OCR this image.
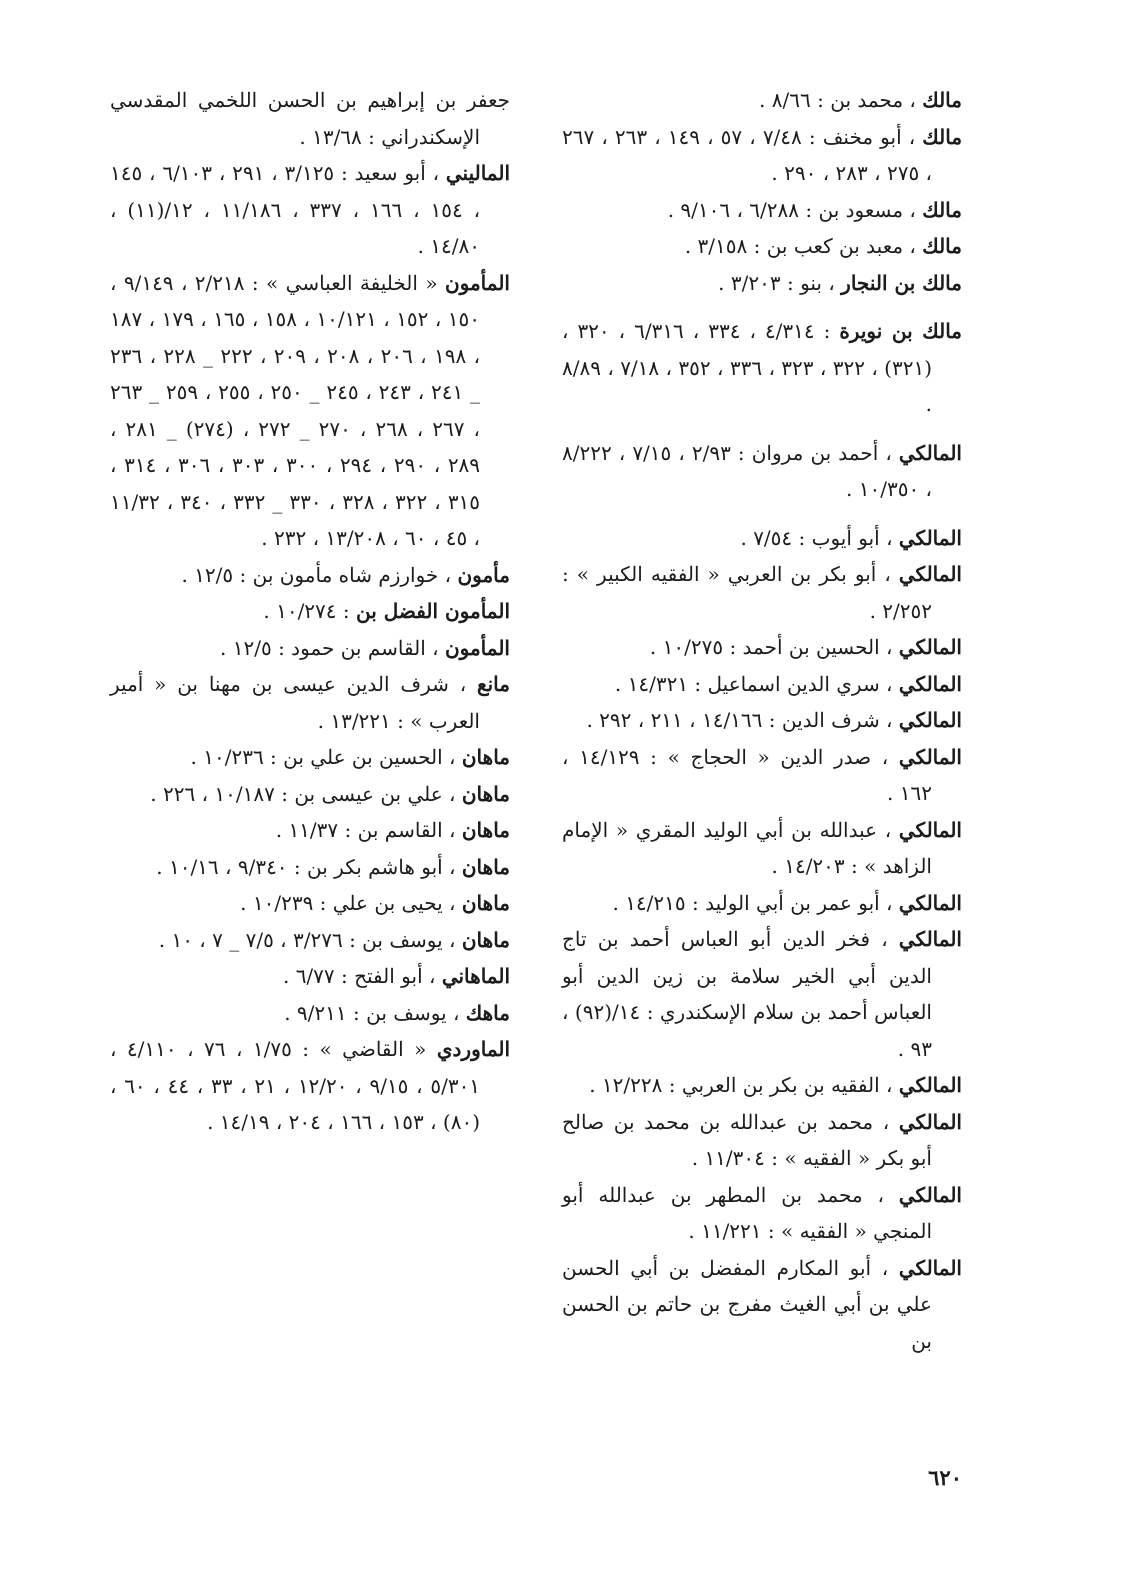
مالك ، محمد بن : ٨/٦٦ .

مالك ، أبو مخنف : ٧/٤٨ ، ٥٧ ، ١٤٩ ، ٢٦٣ ، ٢٦٧ ، ٢٧٥ ، ٢٨٣ ، ٢٩٠ .

مالك ، مسعود بن : ٦/٢٨٨ ، ٩/١٠٦ .

مالك ، معبد بن كعب بن : ٣/١٥٨ .

مالك بن النجار ، بنو : ٣/٢٠٣ .

مالك بن نويرة : ٤/٣١٤ ، ٣٣٤ ، ٦/٣١٦ ، ٣٢٠ ، (٣٢١) ، ٣٢٢ ، ٣٢٣ ، ٣٣٦ ، ٣٥٢ ، ٧/١٨ ، ٨/٨٩ .

المالكي ، أحمد بن مروان : ٢/٩٣ ، ٧/١٥ ، ٨/٢٢٢ ، ١٠/٣٥٠ .

المالكي ، أبو أيوب : ٧/٥٤ .

المالكي ، أبو بكر بن العربي « الفقيه الكبير » : ٢/٢٥٢ .

المالكي ، الحسين بن أحمد : ١٠/٢٧٥ .

المالكي ، سري الدين اسماعيل : ١٤/٣٢١ .

المالكي ، شرف الدين : ١٤/١٦٦ ، ٢١١ ، ٢٩٢ .

المالكي ، صدر الدين « الحجاج » : ١٤/١٢٩ ، ١٦٢ .

المالكي ، عبدالله بن أبي الوليد المقري « الإمام الزاهد » : ١٤/٢٠٣ .

المالكي ، أبو عمر بن أبي الوليد : ١٤/٢١٥ .

المالكي ، فخر الدين أبو العباس أحمد بن تاج الدين أبي الخير سلامة بن زين الدين أبو العباس أحمد بن سلام الإسكندري : ١٤/(٩٢) ، ٩٣ .

المالكي ، الفقيه بن بكر بن العربي : ١٢/٢٢٨ .

المالكي ، محمد بن عبدالله بن محمد بن صالح أبو بكر « الفقيه » : ١١/٣٠٤ .

المالكي ، محمد بن المطهر بن عبدالله أبو المنجي « الفقيه » : ١١/٢٢١ .

المالكي ، أبو المكارم المفضل بن أبي الحسن علي بن أبي الغيث مفرج بن حاتم بن الحسن بن

جعفر بن إبراهيم بن الحسن اللخمي المقدسي الإسكندراني : ١٣/٦٨ .

المالیني ، أبو سعيد : ٣/١٢٥ ، ٢٩١ ، ٦/١٠٣ ، ١٤٥ ، ١٥٤ ، ١٦٦ ، ٣٣٧ ، ١١/١٨٦ ، ١٢/(١١) ، ١٤/٨٠ .

المأمون « الخليفة العباسي » : ٢/٢١٨ ، ٩/١٤٩ ، ١٥٠ ، ١٥٢ ، ١٠/١٢١ ، ١٥٨ ، ١٦٥ ، ١٧٩ ، ١٨٧ ، ١٩٨ ، ٢٠٦ ، ٢٠٨ ، ٢٠٩ ، ٢٢٢ _ ٢٢٨ ، ٢٣٦ _ ٢٤١ ، ٢٤٣ ، ٢٤٥ _ ٢٥٠ ، ٢٥٥ ، ٢٥٩ _ ٢٦٣ ، ٢٦٧ ، ٢٦٨ ، ٢٧٠ _ ٢٧٢ ، (٢٧٤) _ ٢٨١ ، ٢٨٩ ، ٢٩٠ ، ٢٩٤ ، ٣٠٠ ، ٣٠٣ ، ٣٠٦ ، ٣١٤ ، ٣١٥ ، ٣٢٢ ، ٣٢٨ ، ٣٣٠ _ ٣٣٢ ، ٣٤٠ ، ١١/٣٢ ، ٤٥ ، ٦٠ ، ١٣/٢٠٨ ، ٢٣٢ .

مأمون ، خوارزم شاه مأمون بن : ١٢/٥ .

المأمون الفضل بن : ١٠/٢٧٤ .

المأمون ، القاسم بن حمود : ١٢/٥ .

مانع ، شرف الدين عيسى بن مهنا بن « أمير العرب » : ١٣/٢٢١ .

ماهان ، الحسين بن علي بن : ١٠/٢٣٦ .

ماهان ، علي بن عيسى بن : ١٠/١٨٧ ، ٢٢٦ .

ماهان ، القاسم بن : ١١/٣٧ .

ماهان ، أبو هاشم بكر بن : ٩/٣٤٠ ، ١٠/١٦ .

ماهان ، يحيى بن علي : ١٠/٢٣٩ .

ماهان ، يوسف بن : ٣/٢٧٦ ، ٧/٥ _ ٧ ، ١٠ .

الماهاني ، أبو الفتح : ٦/٧٧ .

ماهك ، يوسف بن : ٩/٢١١ .

الماوردي « القاضي » : ١/٧٥ ، ٧٦ ، ٤/١١٠ ، ٥/٣٠١ ، ٩/١٥ ، ١٢/٢٠ ، ٢١ ، ٣٣ ، ٤٤ ، ٦٠ ، (٨٠) ، ١٥٣ ، ١٦٦ ، ٢٠٤ ، ١٤/١٩ .

٦٢٠
